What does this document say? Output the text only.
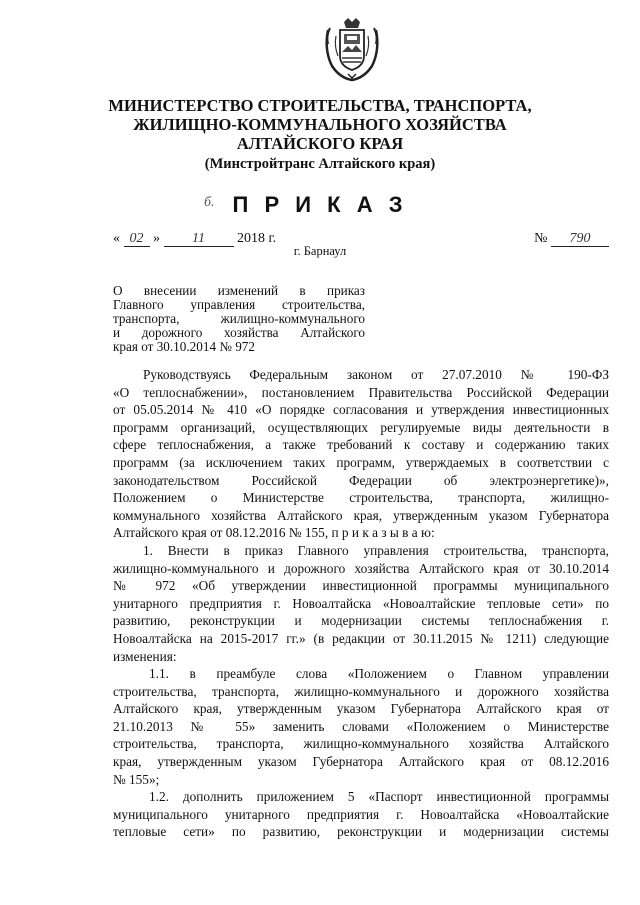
МИНИСТЕРСТВО СТРОИТЕЛЬСТВА, ТРАНСПОРТА,
ЖИЛИЩНО-КОММУНАЛЬНОГО ХОЗЯЙСТВА
АЛТАЙСКОГО КРАЯ
(Минстройтранс Алтайского края)
б. П Р И К А З
« 02 » 11 2018 г.	№ 790
г. Барнаул
О внесении изменений в приказ
Главного управления строительства,
транспорта, жилищно-коммунального
и дорожного хозяйства Алтайского
края от 30.10.2014 № 972

Руководствуясь Федеральным законом от 27.07.2010 № 190-ФЗ
«О теплоснабжении», постановлением Правительства Российской Федерации
от 05.05.2014 № 410 «О порядке согласования и утверждения инвестиционных
программ организаций, осуществляющих регулируемые виды деятельности в
сфере теплоснабжения, а также требований к составу и содержанию таких
программ (за исключением таких программ, утверждаемых в соответствии с
законодательством Российской Федерации об электроэнергетике)»,
Положением о Министерстве строительства, транспорта, жилищно-
коммунального хозяйства Алтайского края, утвержденным указом Губернатора
Алтайского края от 08.12.2016 № 155, п р и к а з ы в а ю:

1. Внести в приказ Главного управления строительства, транспорта,
жилищно-коммунального и дорожного хозяйства Алтайского края от 30.10.2014
№ 972 «Об утверждении инвестиционной программы муниципального
унитарного предприятия г. Новоалтайска «Новоалтайские тепловые сети» по
развитию, реконструкции и модернизации системы теплоснабжения г.
Новоалтайска на 2015-2017 гг.» (в редакции от 30.11.2015 № 1211) следующие
изменения:

1.1. в преамбуле слова «Положением о Главном управлении
строительства, транспорта, жилищно-коммунального и дорожного хозяйства
Алтайского края, утвержденным указом Губернатора Алтайского края от
21.10.2013 № 55» заменить словами «Положением о Министерстве
строительства, транспорта, жилищно-коммунального хозяйства Алтайского
края, утвержденным указом Губернатора Алтайского края от 08.12.2016
№ 155»;

1.2. дополнить приложением 5 «Паспорт инвестиционной программы
муниципального унитарного предприятия г. Новоалтайска «Новоалтайские
тепловые сети» по развитию, реконструкции и модернизации системы
